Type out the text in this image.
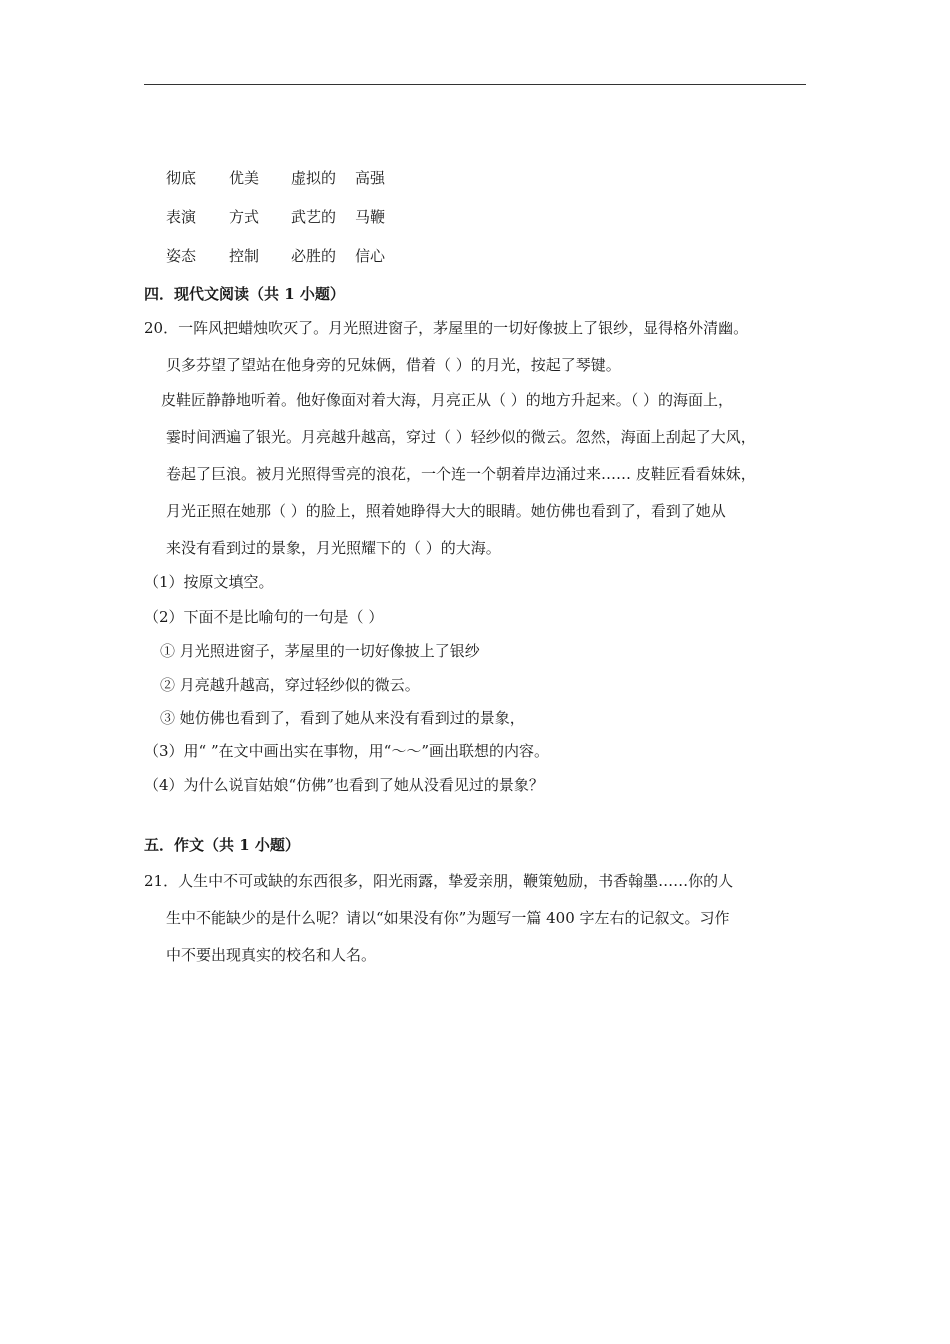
彻底 优美 虚拟的 高强
表演 方式 武艺的 马鞭
姿态 控制 必胜的 信心
四．现代文阅读（共 1 小题）
20．一阵风把蜡烛吹灭了。月光照进窗子，茅屋里的一切好像披上了银纱，显得格外清幽。
贝多芬望了望站在他身旁的兄妹俩，借着（ ）的月光，按起了琴键。
皮鞋匠静静地听着。他好像面对着大海，月亮正从（ ）的地方升起来。（ ）的海面上，
霎时间洒遍了银光。月亮越升越高，穿过（ ）轻纱似的微云。忽然，海面上刮起了大风，
卷起了巨浪。被月光照得雪亮的浪花，一个连一个朝着岸边涌过来…… 皮鞋匠看看妹妹，
月光正照在她那（ ）的脸上，照着她睁得大大的眼睛。她仿佛也看到了，看到了她从
来没有看到过的景象，月光照耀下的（ ）的大海。
（1）按原文填空。
（2）下面不是比喻句的一句是（ ）
① 月光照进窗子，茅屋里的一切好像披上了银纱
② 月亮越升越高，穿过轻纱似的微云。
③ 她仿佛也看到了，看到了她从来没有看到过的景象，
（3）用“ ”在文中画出实在事物，用“～～”画出联想的内容。
（4）为什么说盲姑娘“仿佛”也看到了她从没看见过的景象？
五．作文（共 1 小题）
21．人生中不可或缺的东西很多，阳光雨露，挚爱亲朋，鞭策勉励，书香翰墨……你的人
生中不能缺少的是什么呢？请以“如果没有你”为题写一篇 400 字左右的记叙文。习作
中不要出现真实的校名和人名。
